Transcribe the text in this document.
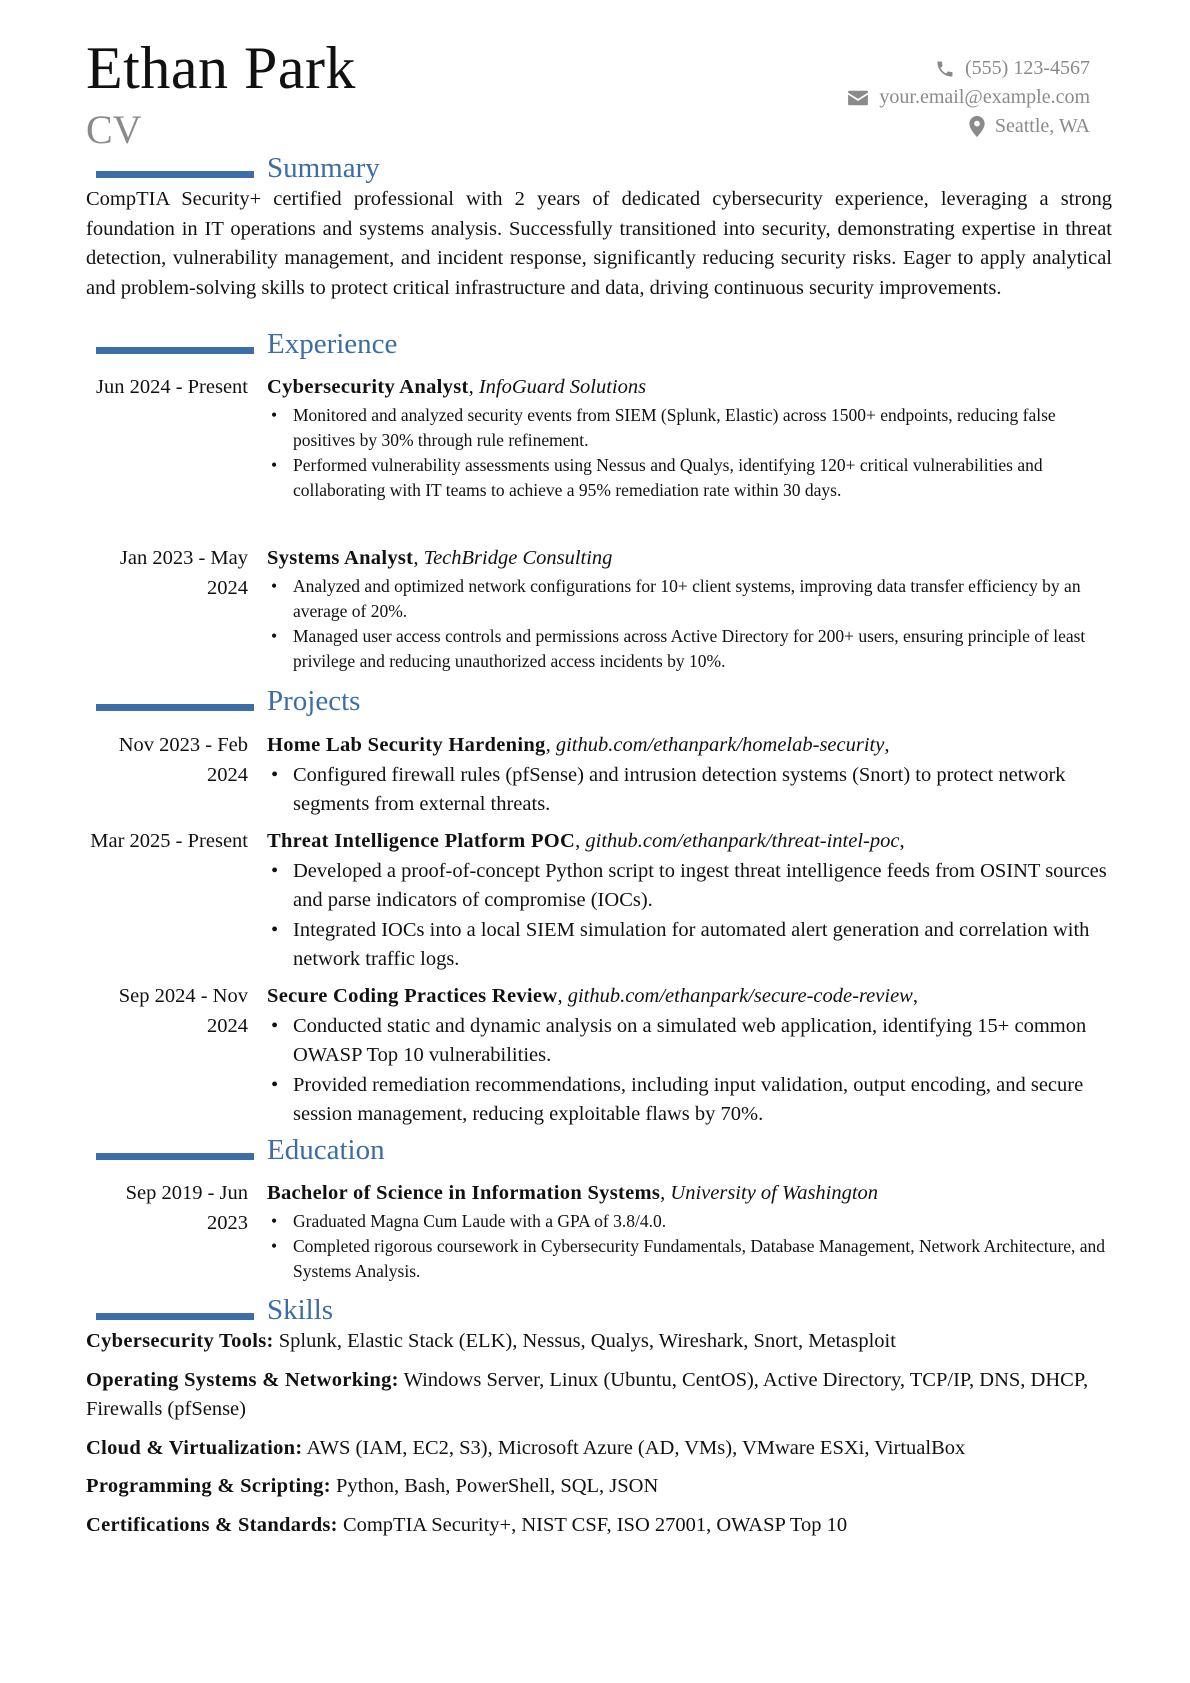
Ethan Park
CV
(555) 123-4567
your.email@example.com
Seattle, WA
Summary

CompTIA Security+ certified professional with 2 years of dedicated cybersecurity experience, leveraging a strong foundation in IT operations and systems analysis. Successfully transitioned into security, demonstrating expertise in threat detection, vulnerability management, and incident response, significantly reducing security risks. Eager to apply analytical and problem-solving skills to protect critical infrastructure and data, driving continuous security improvements.

Experience
Jun 2024 - Present Cybersecurity Analyst, InfoGuard Solutions
• Monitored and analyzed security events from SIEM (Splunk, Elastic) across 1500+ endpoints, reducing false positives by 30% through rule refinement.
• Performed vulnerability assessments using Nessus and Qualys, identifying 120+ critical vulnerabilities and collaborating with IT teams to achieve a 95% remediation rate within 30 days.
Jan 2023 - May 2024
Systems Analyst, TechBridge Consulting
• Analyzed and optimized network configurations for 10+ client systems, improving data transfer efficiency by an average of 20%.
• Managed user access controls and permissions across Active Directory for 200+ users, ensuring principle of least privilege and reducing unauthorized access incidents by 10%.
Projects
Nov 2023 - Feb 2024
Home Lab Security Hardening, github.com/ethanpark/homelab-security,
• Configured firewall rules (pfSense) and intrusion detection systems (Snort) to protect network segments from external threats.
Mar 2025 - Present Threat Intelligence Platform POC, github.com/ethanpark/threat-intel-poc,
• Developed a proof-of-concept Python script to ingest threat intelligence feeds from OSINT sources and parse indicators of compromise (IOCs).
• Integrated IOCs into a local SIEM simulation for automated alert generation and correlation with network traffic logs.
Sep 2024 - Nov 2024
Secure Coding Practices Review, github.com/ethanpark/secure-code-review,
• Conducted static and dynamic analysis on a simulated web application, identifying 15+ common OWASP Top 10 vulnerabilities.
• Provided remediation recommendations, including input validation, output encoding, and secure session management, reducing exploitable flaws by 70%.
Education
Sep 2019 - Jun 2023
Bachelor of Science in Information Systems, University of Washington
• Graduated Magna Cum Laude with a GPA of 3.8/4.0.
• Completed rigorous coursework in Cybersecurity Fundamentals, Database Management, Network Architecture, and Systems Analysis.
Skills

Cybersecurity Tools: Splunk, Elastic Stack (ELK), Nessus, Qualys, Wireshark, Snort, Metasploit

Operating Systems & Networking: Windows Server, Linux (Ubuntu, CentOS), Active Directory, TCP/IP, DNS, DHCP, Firewalls (pfSense)

Cloud & Virtualization: AWS (IAM, EC2, S3), Microsoft Azure (AD, VMs), VMware ESXi, VirtualBox

Programming & Scripting: Python, Bash, PowerShell, SQL, JSON

Certifications & Standards: CompTIA Security+, NIST CSF, ISO 27001, OWASP Top 10
